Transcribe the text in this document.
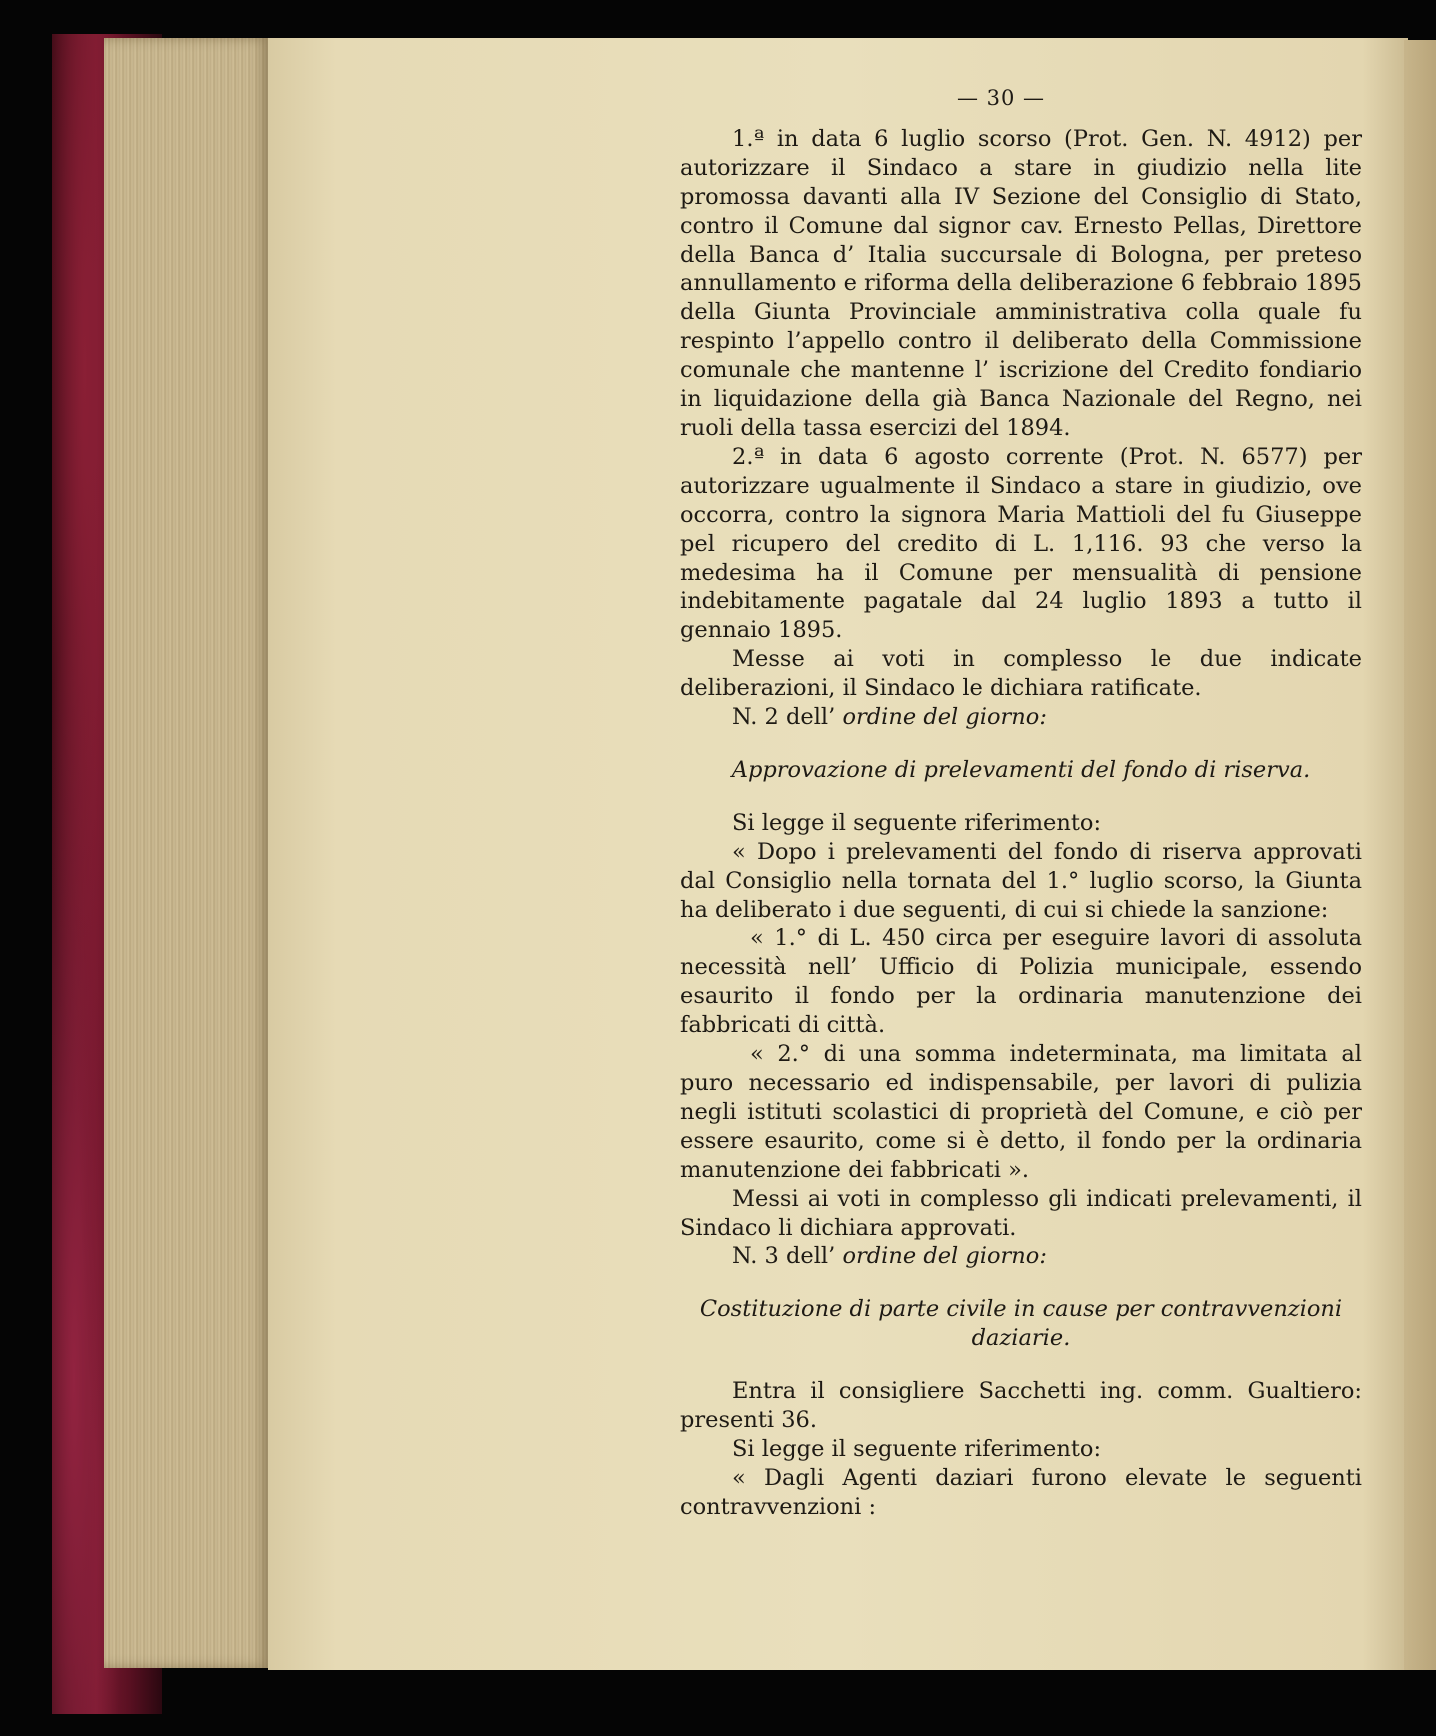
— 30 —

1.ª in data 6 luglio scorso (Prot. Gen. N. 4912) per autorizzare il Sindaco a stare in giudizio nella lite promossa davanti alla IV Sezione del Consiglio di Stato, contro il Comune dal signor cav. Ernesto Pellas, Direttore della Banca d’ Italia succursale di Bologna, per preteso annullamento e riforma della deliberazione 6 febbraio 1895 della Giunta Provinciale amministrativa colla quale fu respinto l’appello contro il deliberato della Commissione comunale che mantenne l’ iscrizione del Credito fondiario in liquidazione della già Banca Nazionale del Regno, nei ruoli della tassa esercizi del 1894.

2.ª in data 6 agosto corrente (Prot. N. 6577) per autorizzare ugualmente il Sindaco a stare in giudizio, ove occorra, contro la signora Maria Mattioli del fu Giuseppe pel ricupero del credito di L. 1,116. 93 che verso la medesima ha il Comune per mensualità di pensione indebitamente pagatale dal 24 luglio 1893 a tutto il gennaio 1895.

Messe ai voti in complesso le due indicate deliberazioni, il Sindaco le dichiara ratificate.

N. 2 dell’ ordine del giorno:

Approvazione di prelevamenti del fondo di riserva.

Si legge il seguente riferimento:

« Dopo i prelevamenti del fondo di riserva approvati dal Consiglio nella tornata del 1.° luglio scorso, la Giunta ha deliberato i due seguenti, di cui si chiede la sanzione:

« 1.° di L. 450 circa per eseguire lavori di assoluta necessità nell’ Ufficio di Polizia municipale, essendo esaurito il fondo per la ordinaria manutenzione dei fabbricati di città.

« 2.° di una somma indeterminata, ma limitata al puro necessario ed indispensabile, per lavori di pulizia negli istituti scolastici di proprietà del Comune, e ciò per essere esaurito, come si è detto, il fondo per la ordinaria manutenzione dei fabbricati ».

Messi ai voti in complesso gli indicati prelevamenti, il Sindaco li dichiara approvati.

N. 3 dell’ ordine del giorno:

Costituzione di parte civile in cause per contravvenzioni daziarie.

Entra il consigliere Sacchetti ing. comm. Gualtiero: presenti 36.

Si legge il seguente riferimento:

« Dagli Agenti daziari furono elevate le seguenti contravvenzioni :
